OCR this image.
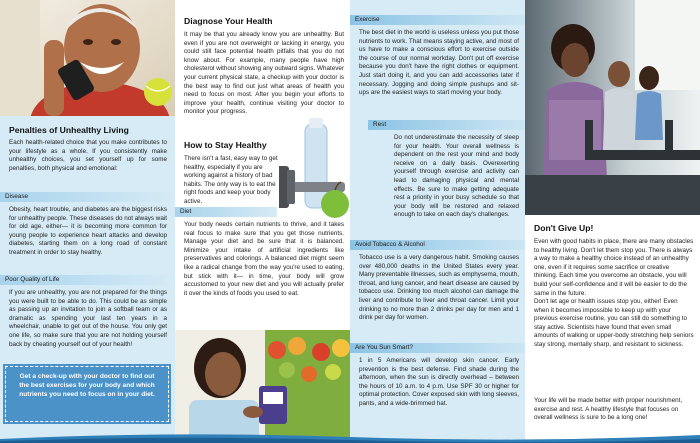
Penalties of Unhealthy Living
Each health-related choice that you make contributes to your lifestyle as a whole. If you consistently make unhealthy choices, you set yourself up for some penalties, both physical and emotional:
Disease
Obesity, heart trouble, and diabetes are the biggest risks for unhealthy people. These diseases do not always wait for old age, either— it is becoming more common for young people to experience heart attacks and develop diabetes, starting them on a long road of constant treatment in order to stay healthy.
Poor Quality of Life
If you are unhealthy, you are not prepared for the things you were built to be able to do. This could be as simple as passing up an invitation to join a softball team or as dramatic as spending your last ten years in a wheelchair, unable to get out of the house. You only get one life, so make sure that you are not holding yourself back by cheating yourself out of your health!
Get a check-up with your doctor to find out the best exercises for your body and which nutrients you need to focus on in your diet.
Diagnose Your Health
It may be that you already know you are unhealthy. But even if you are not overweight or lacking in energy, you could still face potential health pitfalls that you do not know about. For example, many people have high cholesterol without showing any outward signs. Whatever your current physical state, a checkup with your doctor is the best way to find out just what areas of health you need to focus on most. After you begin your efforts to improve your health, continue visiting your doctor to monitor your progress.
How to Stay Healthy
There isn't a fast, easy way to get healthy, especially if you are working against a history of bad habits. The only way is to eat the right foods and keep your body active.
Diet
Your body needs certain nutrients to thrive, and it takes real focus to make sure that you get those nutrients. Manage your diet and be sure that it is balanced. Minimize your intake of artificial ingredients like preservatives and colorings. A balanced diet might seem like a radical change from the way you're used to eating, but stick with it— in time, your body will grow accustomed to your new diet and you will actually prefer it over the kinds of foods you used to eat.
Exercise
The best diet in the world is useless unless you put those nutrients to work. That means staying active, and most of us have to make a conscious effort to exercise outside the course of our normal workday. Don't put off exercise because you don't have the right clothes or equipment. Just start doing it, and you can add accessories later if necessary. Jogging and doing simple pushups and sit-ups are the easiest ways to start moving your body.
Rest
Do not underestimate the necessity of sleep for your health. Your overall wellness is dependent on the rest your mind and body receive on a daily basis. Overexerting yourself through exercise and activity can lead to damaging physical and mental effects. Be sure to make getting adequate rest a priority in your busy schedule so that your body will be restored and relaxed enough to take on each day's challenges.
Avoid Tobacco & Alcohol
Tobacco use is a very dangerous habit. Smoking causes over 480,000 deaths in the United States every year. Many preventable illnesses, such as emphysema, mouth, throat, and lung cancer, and heart disease are caused by tobacco use. Drinking too much alcohol can damage the liver and contribute to liver and throat cancer. Limit your drinking to no more than 2 drinks per day for men and 1 drink per day for women.
Are You Sun Smart?
1 in 5 Americans will develop skin cancer. Early prevention is the best defense. Find shade during the afternoon, when the sun is directly overhead – between the hours of 10 a.m. to 4 p.m. Use SPF 30 or higher for optimal protection. Cover exposed skin with long sleeves, pants, and a wide-brimmed hat.
Don't Give Up!
Even with good habits in place, there are many obstacles to healthy living. Don't let them stop you. There is always a way to make a healthy choice instead of an unhealthy one, even if it requires some sacrifice or creative thinking. Each time you overcome an obstacle, you will build your self-confidence and it will be easier to do the same in the future.
Don't let age or health issues stop you, either! Even when it becomes impossible to keep up with your previous exercise routine, you can still do something to stay active. Scientists have found that even small amounts of walking or upper-body stretching help seniors stay strong, mentally sharp, and resistant to sickness.
Your life will be made better with proper nourishment, exercise and rest. A healthy lifestyle that focuses on overall wellness is sure to be a long one!
